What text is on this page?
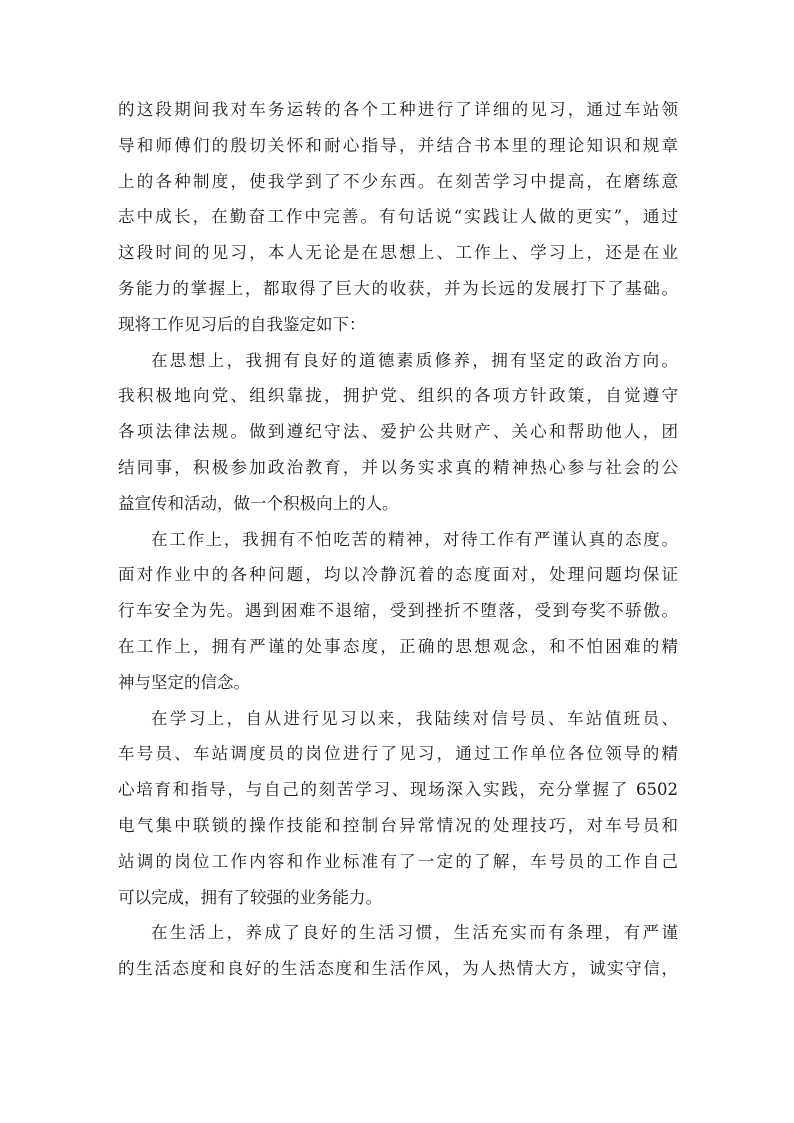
的这段期间我对车务运转的各个工种进行了详细的见习，通过车站领
导和师傅们的殷切关怀和耐心指导，并结合书本里的理论知识和规章
上的各种制度，使我学到了不少东西。在刻苦学习中提高，在磨练意
志中成长，在勤奋工作中完善。有句话说“实践让人做的更实”，通过
这段时间的见习，本人无论是在思想上、工作上、学习上，还是在业
务能力的掌握上，都取得了巨大的收获，并为长远的发展打下了基础。
现将工作见习后的自我鉴定如下：
在思想上，我拥有良好的道德素质修养，拥有坚定的政治方向。
我积极地向党、组织靠拢，拥护党、组织的各项方针政策，自觉遵守
各项法律法规。做到遵纪守法、爱护公共财产、关心和帮助他人，团
结同事，积极参加政治教育，并以务实求真的精神热心参与社会的公
益宣传和活动，做一个积极向上的人。
在工作上，我拥有不怕吃苦的精神，对待工作有严谨认真的态度。
面对作业中的各种问题，均以冷静沉着的态度面对，处理问题均保证
行车安全为先。遇到困难不退缩，受到挫折不堕落，受到夸奖不骄傲。
在工作上，拥有严谨的处事态度，正确的思想观念，和不怕困难的精
神与坚定的信念。
在学习上，自从进行见习以来，我陆续对信号员、车站值班员、
车号员、车站调度员的岗位进行了见习，通过工作单位各位领导的精
心培育和指导，与自己的刻苦学习、现场深入实践，充分掌握了 6502
电气集中联锁的操作技能和控制台异常情况的处理技巧，对车号员和
站调的岗位工作内容和作业标准有了一定的了解，车号员的工作自己
可以完成，拥有了较强的业务能力。
在生活上，养成了良好的生活习惯，生活充实而有条理，有严谨
的生活态度和良好的生活态度和生活作风，为人热情大方，诚实守信，
